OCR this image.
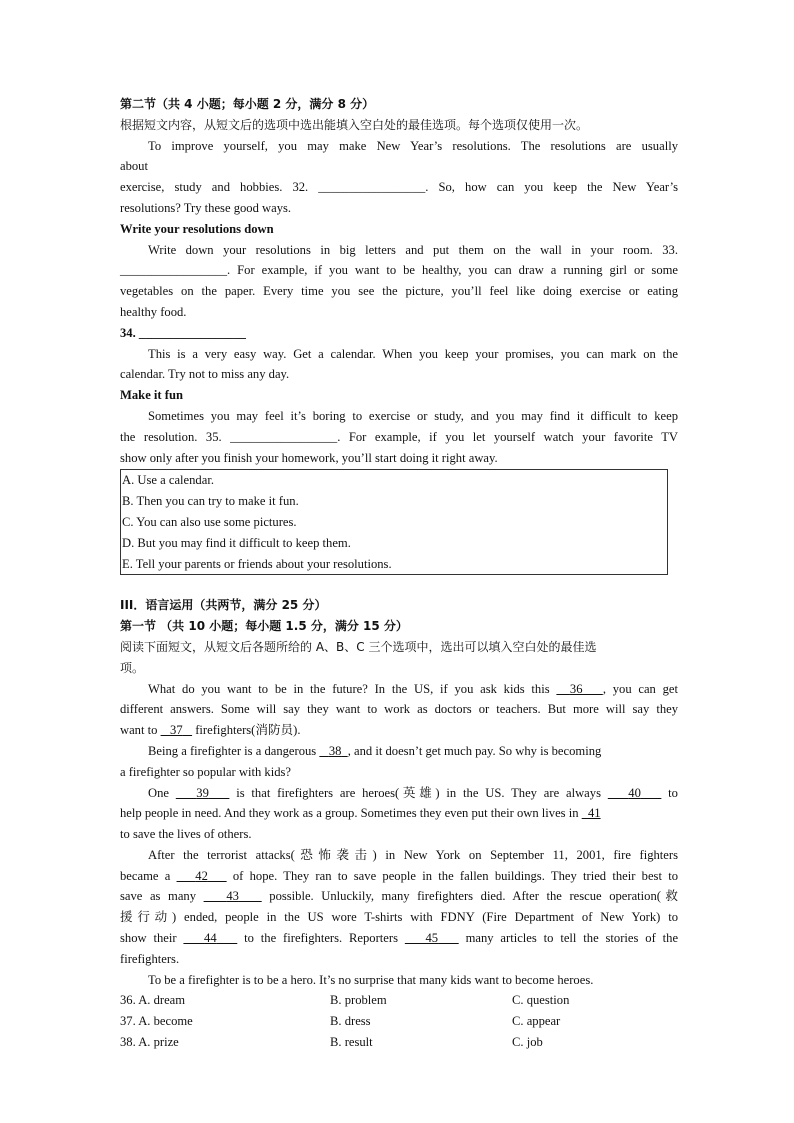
第二节（共 4 小题；每小题 2 分，满分 8 分）
根据短文内容，从短文后的选项中选出能填入空白处的最佳选项。每个选项仅使用一次。
To improve yourself, you may make New Year’s resolutions. The resolutions are usually
about
exercise, study and hobbies. 32. _________________. So, how can you keep the New Year’s
resolutions? Try these good ways.
Write your resolutions down
Write down your resolutions in big letters and put them on the wall in your room. 33.
_________________. For example, if you want to be healthy, you can draw a running girl or some
vegetables on the paper. Every time you see the picture, you’ll feel like doing exercise or eating
healthy food.
34. _________________
This is a very easy way. Get a calendar. When you keep your promises, you can mark on the
calendar. Try not to miss any day.
Make it fun
Sometimes you may feel it’s boring to exercise or study, and you may find it difficult to keep
the resolution. 35. _________________. For example, if you let yourself watch your favorite TV
show only after you finish your homework, you’ll start doing it right away.
A. Use a calendar.
B. Then you can try to make it fun.
C. You can also use some pictures.
D. But you may find it difficult to keep them.
E. Tell your parents or friends about your resolutions.
III．语言运用（共两节，满分 25 分）
第一节 （共 10 小题；每小题 1.5 分，满分 15 分）
阅读下面短文，从短文后各题所给的 A、B、C 三个选项中，选出可以填入空白处的最佳选
项。
What do you want to be in the future? In the US, if you ask kids this   36 , you can get
different answers. Some will say they want to work as doctors or teachers. But more will say they
want to    37    firefighters(消防员).
Being a firefighter is a dangerous    38 , and it doesn’t get much pay. So why is becoming
a firefighter so popular with kids?
One    39    is that firefighters are heroes(英雄) in the US. They are always    40    to
help people in need. And they work as a group. Sometimes they even put their own lives in   41
to save the lives of others.
After the terrorist attacks(恐怖袭击) in New York on September 11, 2001, fire fighters
became a    42    of hope. They ran to save people in the fallen buildings. They tried their best to
save as many    43    possible. Unluckily, many firefighters died. After the rescue operation(救
援行动) ended, people in the US wore T-shirts with FDNY (Fire Department of New York) to
show their    44    to the firefighters. Reporters    45    many articles to tell the stories of the
firefighters.
To be a firefighter is to be a hero. It’s no surprise that many kids want to become heroes.
36. A. dream	B. problem	C. question
37. A. become	B. dress	C. appear
38. A. prize	B. result	C. job
